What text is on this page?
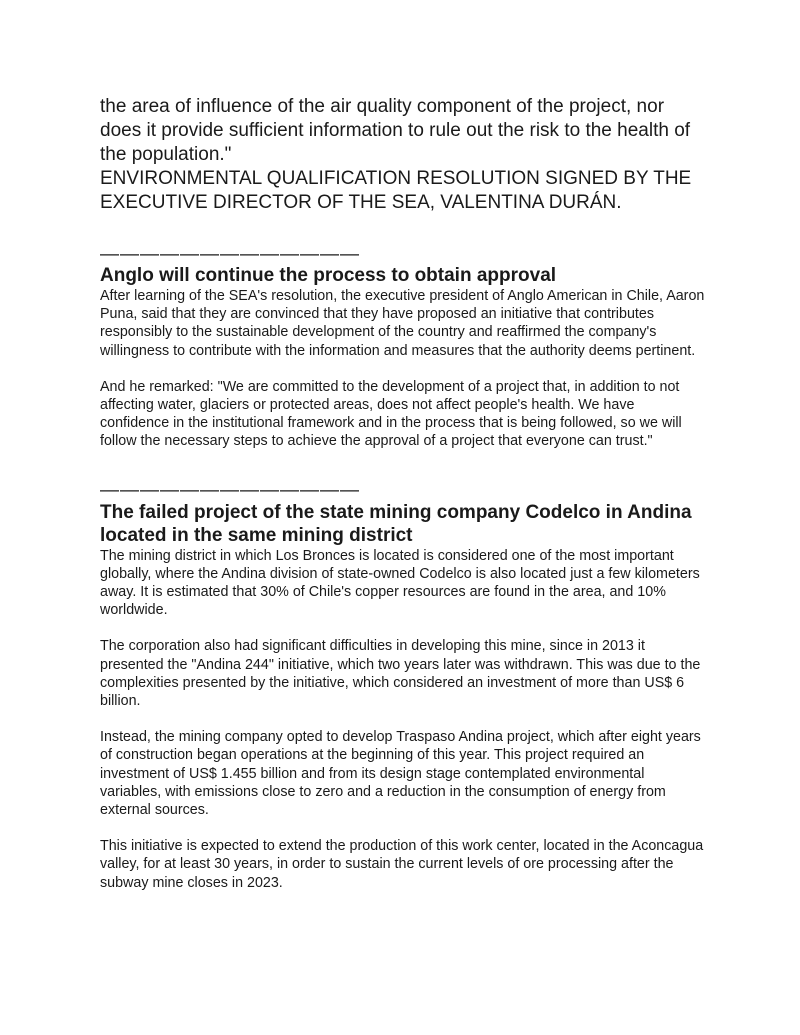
the area of influence of the air quality component of the project, nor does it provide sufficient information to rule out the risk to the health of the population."

ENVIRONMENTAL QUALIFICATION RESOLUTION SIGNED BY THE EXECUTIVE DIRECTOR OF THE SEA, VALENTINA DURÁN.

—————————————

Anglo will continue the process to obtain approval

After learning of the SEA's resolution, the executive president of Anglo American in Chile, Aaron Puna, said that they are convinced that they have proposed an initiative that contributes responsibly to the sustainable development of the country and reaffirmed the company's willingness to contribute with the information and measures that the authority deems pertinent.

And he remarked: "We are committed to the development of a project that, in addition to not affecting water, glaciers or protected areas, does not affect people's health. We have confidence in the institutional framework and in the process that is being followed, so we will follow the necessary steps to achieve the approval of a project that everyone can trust."

—————————————

The failed project of the state mining company Codelco in Andina located in the same mining district

The mining district in which Los Bronces is located is considered one of the most important globally, where the Andina division of state-owned Codelco is also located just a few kilometers away. It is estimated that 30% of Chile's copper resources are found in the area, and 10% worldwide.

The corporation also had significant difficulties in developing this mine, since in 2013 it presented the "Andina 244" initiative, which two years later was withdrawn. This was due to the complexities presented by the initiative, which considered an investment of more than US$ 6 billion.

Instead, the mining company opted to develop Traspaso Andina project, which after eight years of construction began operations at the beginning of this year. This project required an investment of US$ 1.455 billion and from its design stage contemplated environmental variables, with emissions close to zero and a reduction in the consumption of energy from external sources.

This initiative is expected to extend the production of this work center, located in the Aconcagua valley, for at least 30 years, in order to sustain the current levels of ore processing after the subway mine closes in 2023.
